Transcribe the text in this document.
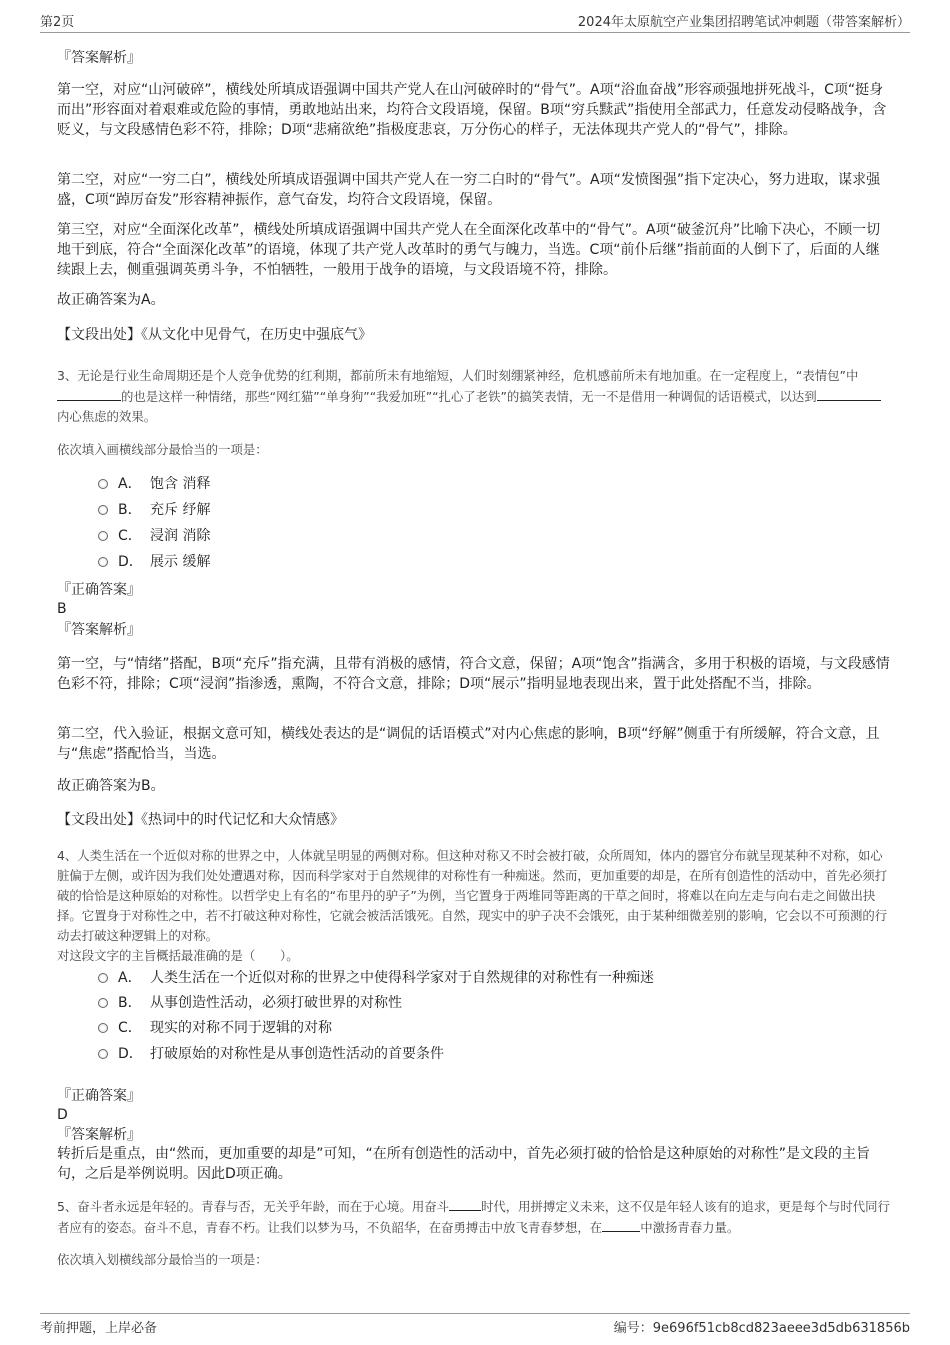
第2页	2024年太原航空产业集团招聘笔试冲刺题（带答案解析）
『答案解析』
第一空，对应“山河破碎”，横线处所填成语强调中国共产党人在山河破碎时的“骨气”。A项“浴血奋战”形容顽强地拼死战斗，C项“挺身而出”形容面对着艰难或危险的事情，勇敢地站出来，均符合文段语境，保留。B项“穷兵黩武”指使用全部武力，任意发动侵略战争，含贬义，与文段感情色彩不符，排除；D项“悲痛欲绝”指极度悲哀，万分伤心的样子，无法体现共产党人的“骨气”，排除。
第二空，对应“一穷二白”，横线处所填成语强调中国共产党人在一穷二白时的“骨气”。A项“发愤图强”指下定决心，努力进取，谋求强盛，C项“踔厉奋发”形容精神振作，意气奋发，均符合文段语境，保留。
第三空，对应“全面深化改革”，横线处所填成语强调中国共产党人在全面深化改革中的“骨气”。A项“破釜沉舟”比喻下决心，不顾一切地干到底，符合“全面深化改革”的语境，体现了共产党人改革时的勇气与魄力，当选。C项“前仆后继”指前面的人倒下了，后面的人继续跟上去，侧重强调英勇斗争，不怕牺牲，一般用于战争的语境，与文段语境不符，排除。
故正确答案为A。
【文段出处】《从文化中见骨气，在历史中强底气》
3、无论是行业生命周期还是个人竞争优势的红利期，都前所未有地缩短，人们时刻绷紧神经，危机感前所未有地加重。在一定程度上，“表情包”中的也是这样一种情绪，那些“网红猫”“单身狗”“我爱加班”“扎心了老铁”的搞笑表情，无一不是借用一种调侃的话语模式，以达到内心焦虑的效果。
依次填入画横线部分最恰当的一项是：
A． 饱含 消释
B． 充斥 纾解
C． 浸润 消除
D． 展示 缓解
『正确答案』
B
『答案解析』
第一空，与“情绪”搭配，B项“充斥”指充满，且带有消极的感情，符合文意，保留；A项“饱含”指满含，多用于积极的语境，与文段感情色彩不符，排除；C项“浸润”指渗透，熏陶，不符合文意，排除；D项“展示”指明显地表现出来，置于此处搭配不当，排除。
第二空，代入验证，根据文意可知，横线处表达的是“调侃的话语模式”对内心焦虑的影响，B项“纾解”侧重于有所缓解，符合文意，且与“焦虑”搭配恰当，当选。
故正确答案为B。
【文段出处】《热词中的时代记忆和大众情感》
4、人类生活在一个近似对称的世界之中，人体就呈明显的两侧对称。但这种对称又不时会被打破，众所周知，体内的器官分布就呈现某种不对称，如心脏偏于左侧，或许因为我们处处遭遇对称，因而科学家对于自然规律的对称性有一种痴迷。然而，更加重要的却是，在所有创造性的活动中，首先必须打破的恰恰是这种原始的对称性。以哲学史上有名的“布里丹的驴子”为例，当它置身于两堆同等距离的干草之间时，将难以在向左走与向右走之间做出抉择。它置身于对称性之中，若不打破这种对称性，它就会被活活饿死。自然，现实中的驴子决不会饿死，由于某种细微差别的影响，它会以不可预测的行动去打破这种逻辑上的对称。
对这段文字的主旨概括最准确的是（　　）。
A． 人类生活在一个近似对称的世界之中使得科学家对于自然规律的对称性有一种痴迷
B． 从事创造性活动，必须打破世界的对称性
C． 现实的对称不同于逻辑的对称
D． 打破原始的对称性是从事创造性活动的首要条件
『正确答案』
D
『答案解析』
转折后是重点，由“然而，更加重要的却是”可知，“在所有创造性的活动中，首先必须打破的恰恰是这种原始的对称性”是文段的主旨句，之后是举例说明。因此D项正确。
5、奋斗者永远是年轻的。青春与否，无关乎年龄，而在于心境。用奋斗	时代，用拼搏定义未来，这不仅是年轻人该有的追求，更是每个与时代同行者应有的姿态。奋斗不息，青春不朽。让我们以梦为马，不负韶华，在奋勇搏击中放飞青春梦想，在	中激扬青春力量。
依次填入划横线部分最恰当的一项是：
考前押题，上岸必备	编号：9e696f51cb8cd823aeee3d5db631856b
